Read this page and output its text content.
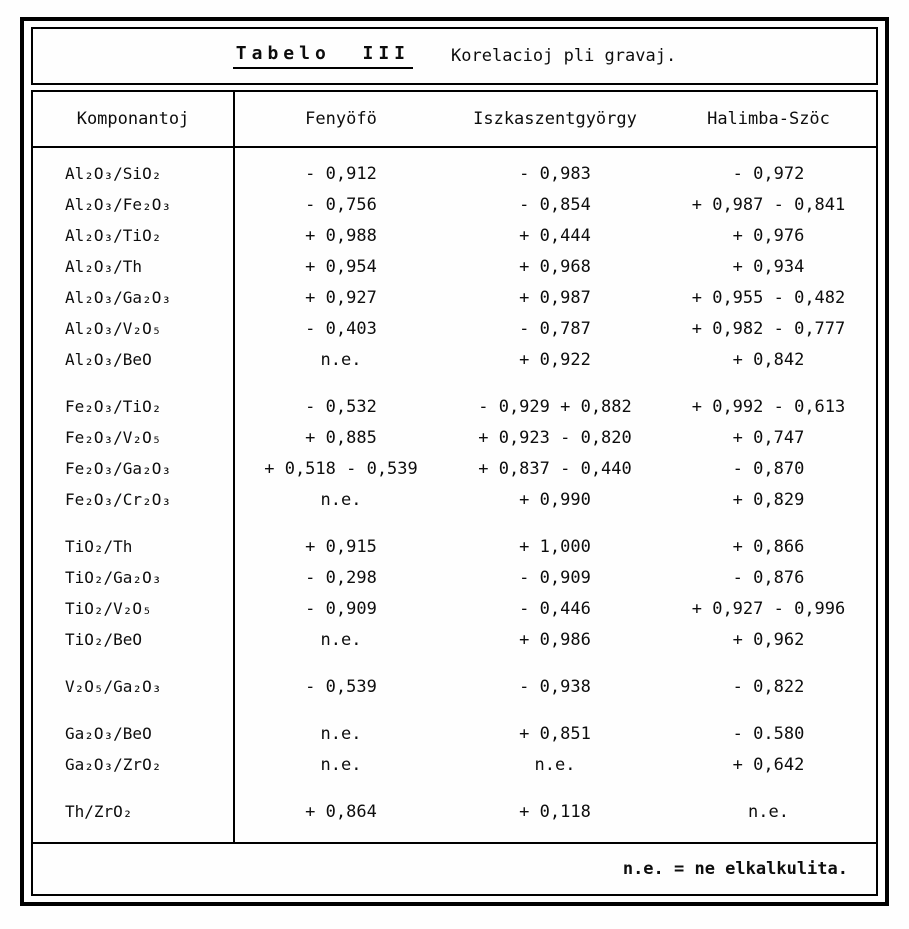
Tabelo  III Korelacioj pli gravaj.
Komponantoj	Fenyöfö	Iszkaszentgyörgy	Halimba-Szöc
Al₂O₃/SiO₂	- 0,912	- 0,983	- 0,972
Al₂O₃/Fe₂O₃	- 0,756	- 0,854	+ 0,987 - 0,841
Al₂O₃/TiO₂	+ 0,988	+ 0,444	+ 0,976
Al₂O₃/Th	+ 0,954	+ 0,968	+ 0,934
Al₂O₃/Ga₂O₃	+ 0,927	+ 0,987	+ 0,955 - 0,482
Al₂O₃/V₂O₅	- 0,403	- 0,787	+ 0,982 - 0,777
Al₂O₃/BeO	n.e.	+ 0,922	+ 0,842
Fe₂O₃/TiO₂	- 0,532	- 0,929 + 0,882	+ 0,992 - 0,613
Fe₂O₃/V₂O₅	+ 0,885	+ 0,923 - 0,820	+ 0,747
Fe₂O₃/Ga₂O₃	+ 0,518 - 0,539	+ 0,837 - 0,440	- 0,870
Fe₂O₃/Cr₂O₃	n.e.	+ 0,990	+ 0,829
TiO₂/Th	+ 0,915	+ 1,000	+ 0,866
TiO₂/Ga₂O₃	- 0,298	- 0,909	- 0,876
TiO₂/V₂O₅	- 0,909	- 0,446	+ 0,927 - 0,996
TiO₂/BeO	n.e.	+ 0,986	+ 0,962
V₂O₅/Ga₂O₃	- 0,539	- 0,938	- 0,822
Ga₂O₃/BeO	n.e.	+ 0,851	- 0.580
Ga₂O₃/ZrO₂	n.e.	n.e.	+ 0,642
Th/ZrO₂	+ 0,864	+ 0,118	n.e.
n.e. = ne elkalkulita.
